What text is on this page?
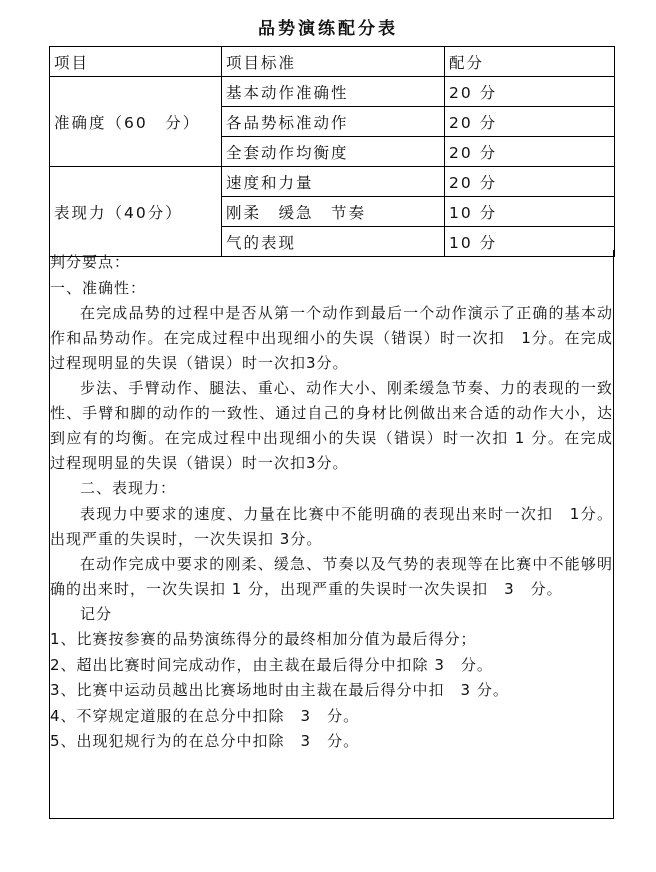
品势演练配分表
项目	项目标准	配分
准确度（60　分）	基本动作准确性	20 分
	各品势标准动作	20 分
	全套动作均衡度	20 分
表现力（40分）	速度和力量	20 分
	刚柔　缓急　节奏	10 分
	气的表现	10 分

判分要点：

一、准确性：

在完成品势的过程中是否从第一个动作到最后一个动作演示了正确的基本动作和品势动作。在完成过程中出现细小的失误（错误）时一次扣　1分。在完成过程现明显的失误（错误）时一次扣3分。

步法、手臂动作、腿法、重心、动作大小、刚柔缓急节奏、力的表现的一致性、手臂和脚的动作的一致性、通过自己的身材比例做出来合适的动作大小，达到应有的均衡。在完成过程中出现细小的失误（错误）时一次扣 1 分。在完成过程现明显的失误（错误）时一次扣3分。

二、表现力：

表现力中要求的速度、力量在比赛中不能明确的表现出来时一次扣　1分。出现严重的失误时，一次失误扣 3分。

在动作完成中要求的刚柔、缓急、节奏以及气势的表现等在比赛中不能够明确的出来时，一次失误扣 1 分，出现严重的失误时一次失误扣　3　分。

记分

1、比赛按参赛的品势演练得分的最终相加分值为最后得分；

2、超出比赛时间完成动作，由主裁在最后得分中扣除 3　分。

3、比赛中运动员越出比赛场地时由主裁在最后得分中扣　3 分。

4、不穿规定道服的在总分中扣除　3　分。

5、出现犯规行为的在总分中扣除　3　分。
